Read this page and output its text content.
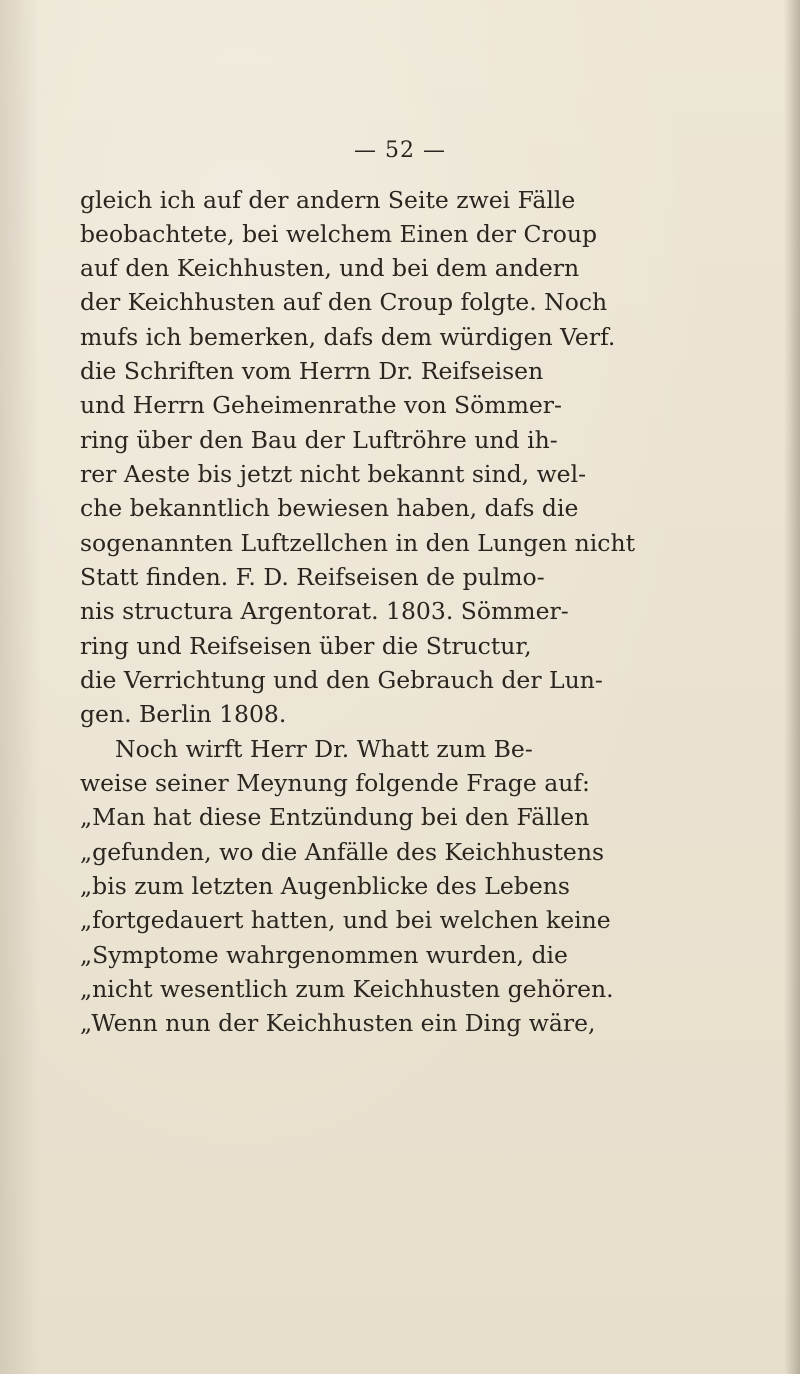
— 52 —
gleich ich auf der andern Seite zwei Fälle
beobachtete, bei welchem Einen der Croup
auf den Keichhusten, und bei dem andern
der Keichhusten auf den Croup folgte. Noch
mufs ich bemerken, dafs dem würdigen Verf.
die Schriften vom Herrn Dr. Reifseisen
und Herrn Geheimenrathe von Sömmer-
ring über den Bau der Luftröhre und ih-
rer Aeste bis jetzt nicht bekannt sind, wel-
che bekanntlich bewiesen haben, dafs die
sogenannten Luftzellchen in den Lungen nicht
Statt finden. F. D. Reifseisen de pulmo-
nis structura Argentorat. 1803. Sömmer-
ring und Reifseisen über die Structur,
die Verrichtung und den Gebrauch der Lun-
gen. Berlin 1808.
Noch wirft Herr Dr. Whatt zum Be-
weise seiner Meynung folgende Frage auf:
„Man hat diese Entzündung bei den Fällen
„gefunden, wo die Anfälle des Keichhustens
„bis zum letzten Augenblicke des Lebens
„fortgedauert hatten, und bei welchen keine
„Symptome wahrgenommen wurden, die
„nicht wesentlich zum Keichhusten gehören.
„Wenn nun der Keichhusten ein Ding wäre,
